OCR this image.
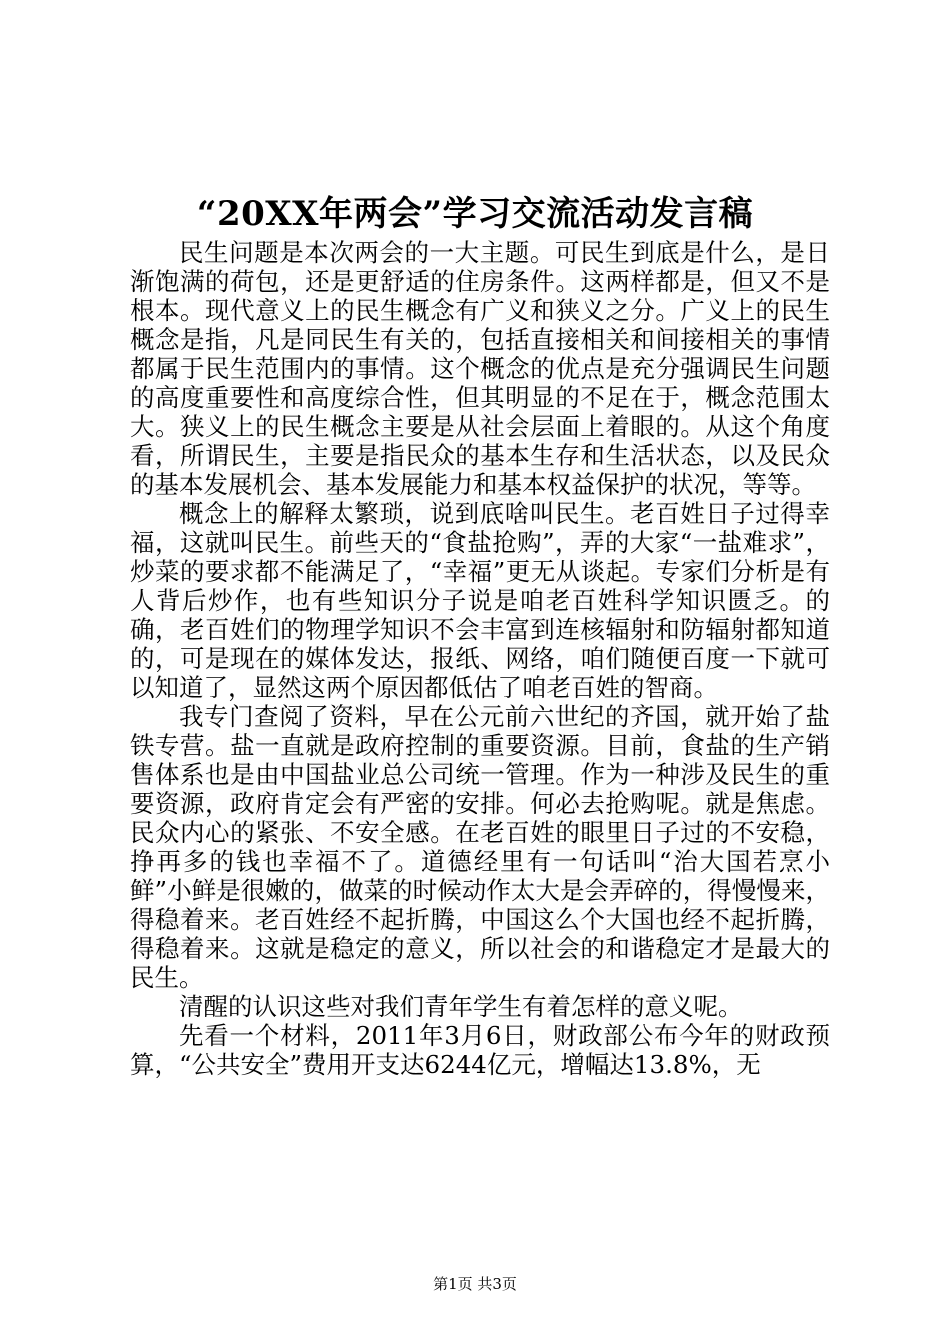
“20XX年两会”学习交流活动发言稿

民生问题是本次两会的一大主题。可民生到底是什么，是日渐饱满的荷包，还是更舒适的住房条件。这两样都是，但又不是根本。现代意义上的民生概念有广义和狭义之分。广义上的民生概念是指，凡是同民生有关的，包括直接相关和间接相关的事情都属于民生范围内的事情。这个概念的优点是充分强调民生问题的高度重要性和高度综合性，但其明显的不足在于，概念范围太大。狭义上的民生概念主要是从社会层面上着眼的。从这个角度看，所谓民生，主要是指民众的基本生存和生活状态，以及民众的基本发展机会、基本发展能力和基本权益保护的状况，等等。

概念上的解释太繁琐，说到底啥叫民生。老百姓日子过得幸福，这就叫民生。前些天的“食盐抢购”，弄的大家“一盐难求”，炒菜的要求都不能满足了，“幸福”更无从谈起。专家们分析是有人背后炒作，也有些知识分子说是咱老百姓科学知识匮乏。的确，老百姓们的物理学知识不会丰富到连核辐射和防辐射都知道的，可是现在的媒体发达，报纸、网络，咱们随便百度一下就可以知道了，显然这两个原因都低估了咱老百姓的智商。

我专门查阅了资料，早在公元前六世纪的齐国，就开始了盐铁专营。盐一直就是政府控制的重要资源。目前，食盐的生产销售体系也是由中国盐业总公司统一管理。作为一种涉及民生的重要资源，政府肯定会有严密的安排。何必去抢购呢。就是焦虑。民众内心的紧张、不安全感。在老百姓的眼里日子过的不安稳，挣再多的钱也幸福不了。道德经里有一句话叫“治大国若烹小鲜”小鲜是很嫩的，做菜的时候动作太大是会弄碎的，得慢慢来，得稳着来。老百姓经不起折腾，中国这么个大国也经不起折腾，得稳着来。这就是稳定的意义，所以社会的和谐稳定才是最大的民生。

清醒的认识这些对我们青年学生有着怎样的意义呢。

先看一个材料，2011年3月6日，财政部公布今年的财政预算，“公共安全”费用开支达6244亿元，增幅达13.8%，无

第1页 共3页
